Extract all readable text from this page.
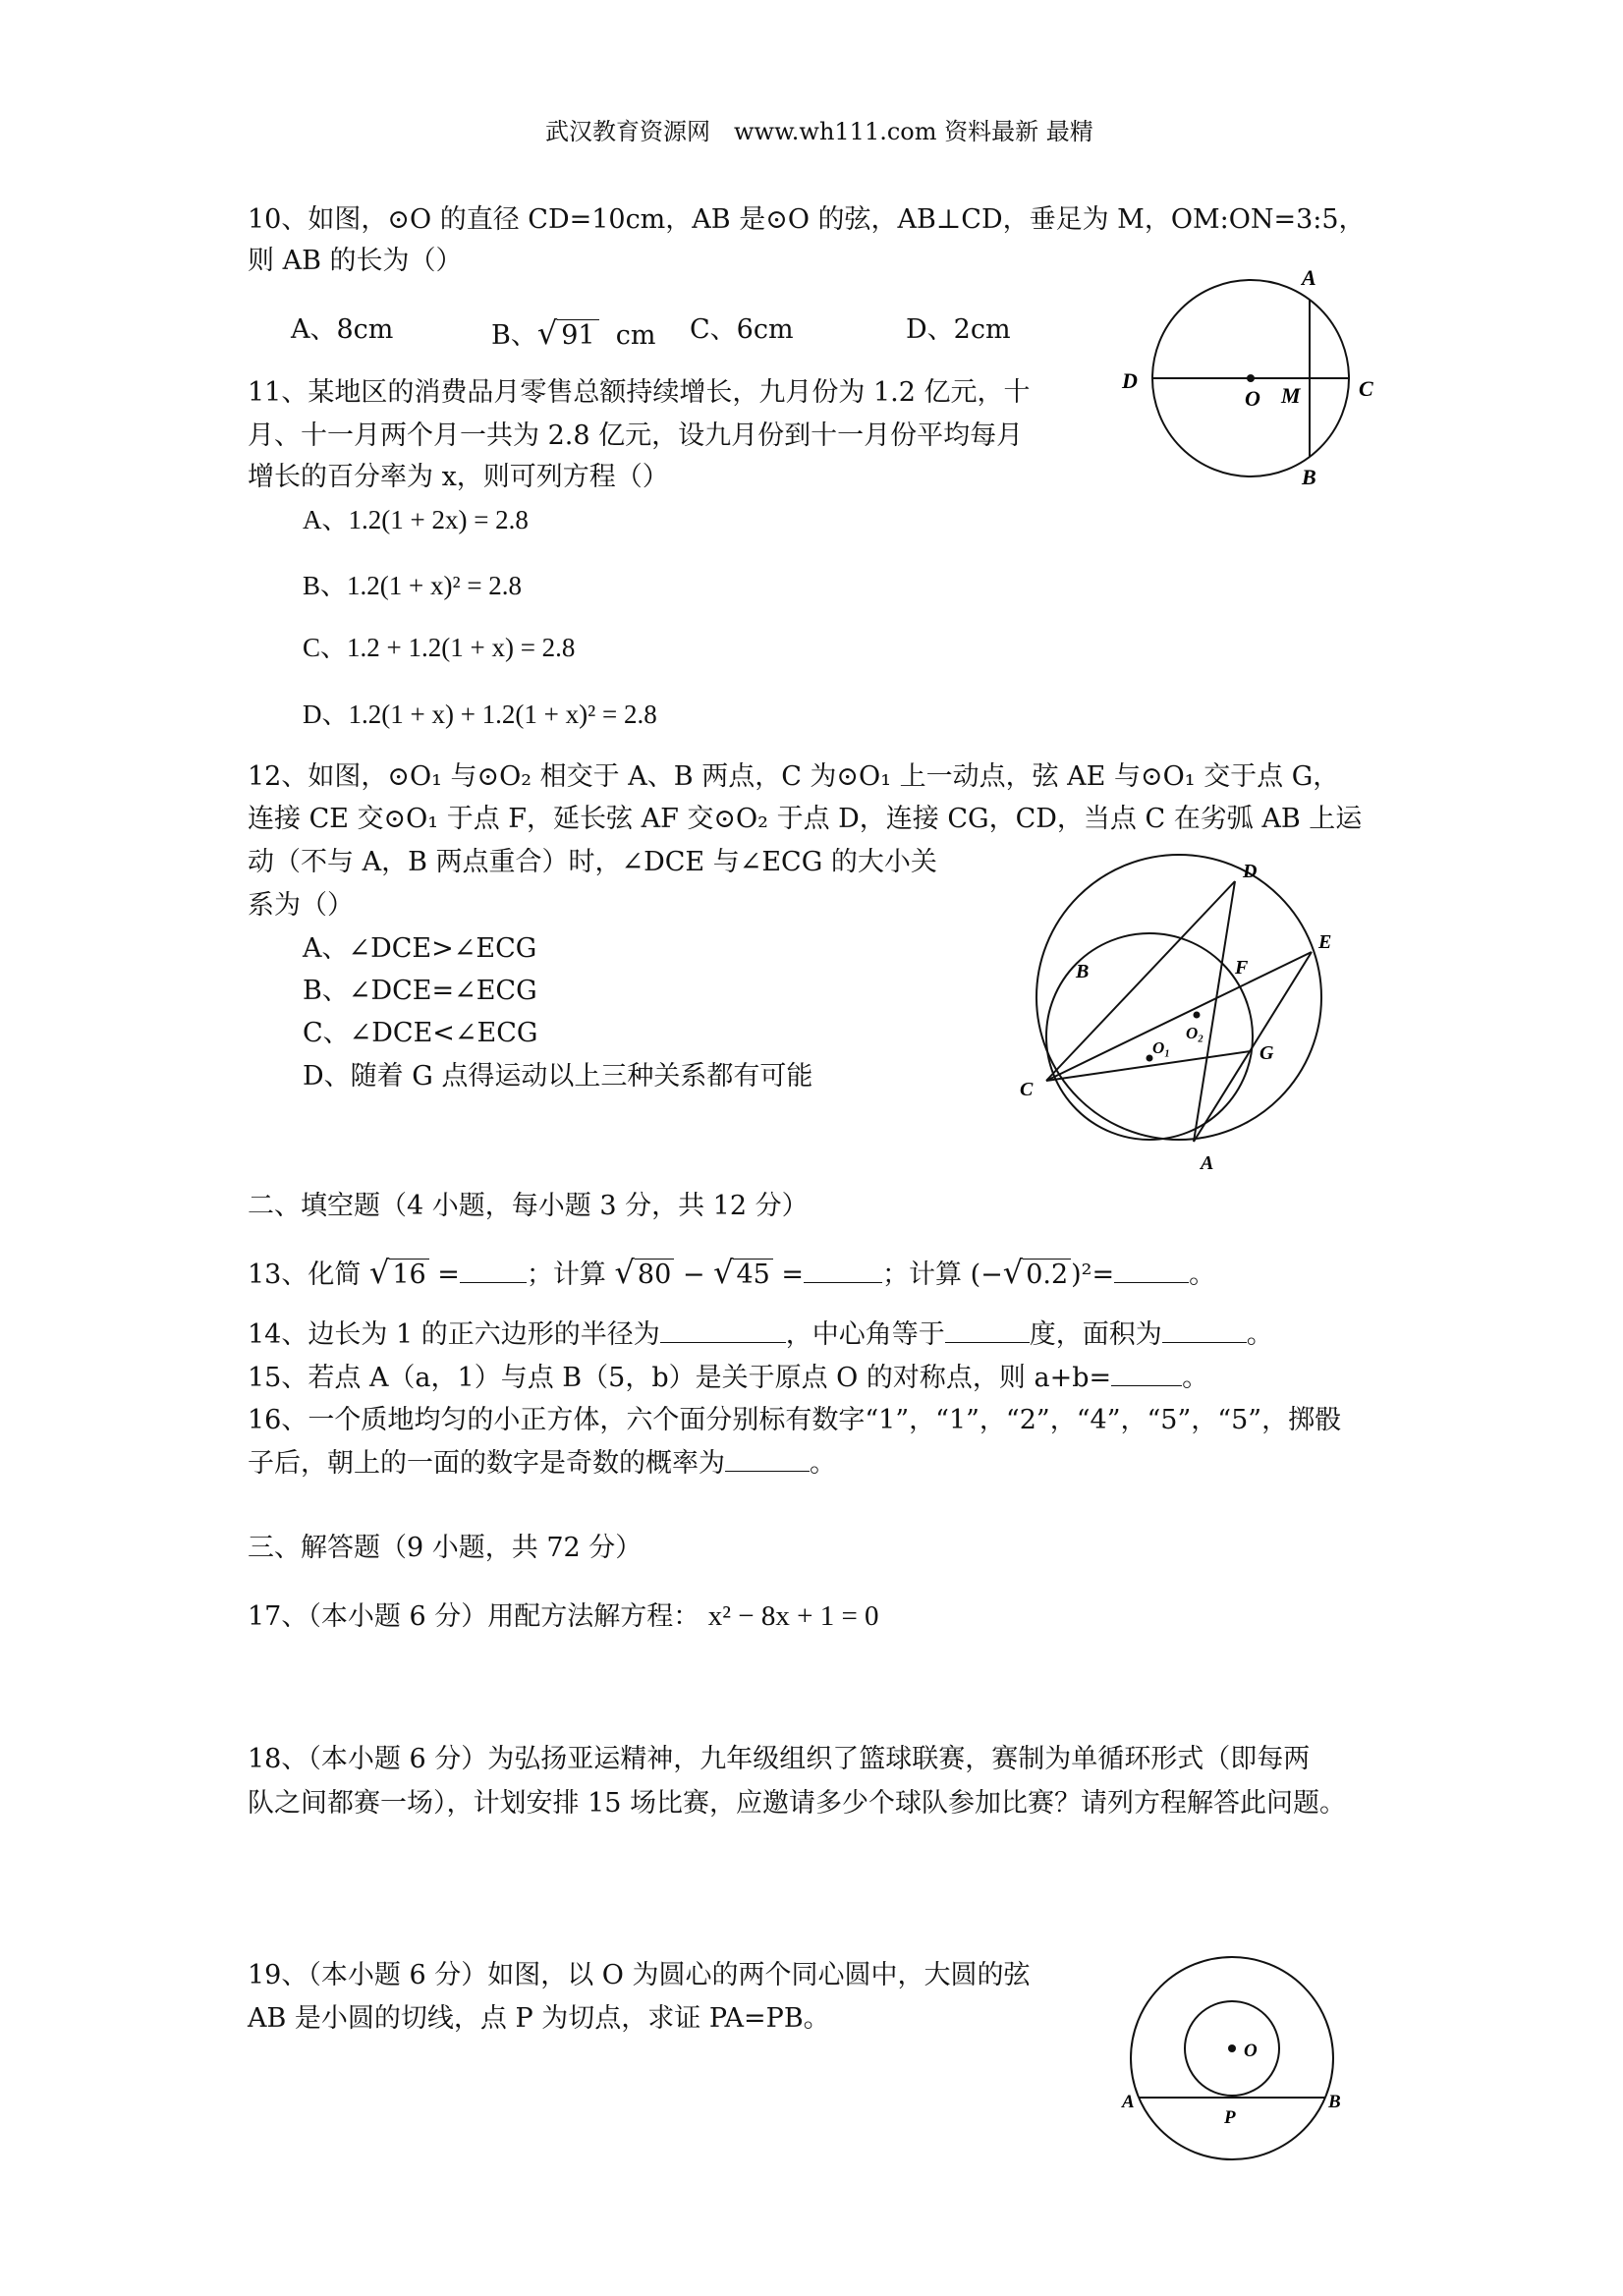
武汉教育资源网　www.wh111.com 资料最新 最精
10、如图，⊙O 的直径 CD=10cm，AB 是⊙O 的弦，AB⊥CD，垂足为 M，OM:ON=3:5，
则 AB 的长为（）
A、8cm	B、√ 91 cm C、6cm	D、2cm
A
B
C
D
O M
11、某地区的消费品月零售总额持续增长，九月份为 1.2 亿元，十
月、十一月两个月一共为 2.8 亿元，设九月份到十一月份平均每月
增长的百分率为 x，则可列方程（）
A、1.2(1 + 2x) = 2.8
B、1.2(1 + x)² = 2.8
C、1.2 + 1.2(1 + x) = 2.8
D、1.2(1 + x) + 1.2(1 + x)² = 2.8
12、如图，⊙O₁ 与⊙O₂ 相交于 A、B 两点，C 为⊙O₁ 上一动点，弦 AE 与⊙O₁ 交于点 G，
连接 CE 交⊙O₁ 于点 F，延长弦 AF 交⊙O₂ 于点 D，连接 CG，CD，当点 C 在劣弧 AB 上运
动（不与 A，B 两点重合）时，∠DCE 与∠ECG 的大小关
系为（）
A、∠DCE>∠ECG
B、∠DCE=∠ECG
C、∠DCE<∠ECG
D、随着 G 点得运动以上三种关系都有可能
D
E
F
B
C
G
A
O₁
O₂
二、填空题（4 小题，每小题 3 分，共 12 分）
13、化简 √ 16 =	；计算 √ 80 − √ 45 =	；计算 (−√ 0.2 )²=	。
14、边长为 1 的正六边形的半径为	，中心角等于	度，面积为	。
15、若点 A（a，1）与点 B（5，b）是关于原点 O 的对称点，则 a+b=	。
16、一个质地均匀的小正方体，六个面分别标有数字“1”，“1”，“2”，“4”，“5”，“5”，掷骰
子后，朝上的一面的数字是奇数的概率为	。
三、解答题（9 小题，共 72 分）
17、（本小题 6 分）用配方法解方程： x² − 8x + 1 = 0
18、（本小题 6 分）为弘扬亚运精神，九年级组织了篮球联赛，赛制为单循环形式（即每两
队之间都赛一场），计划安排 15 场比赛，应邀请多少个球队参加比赛？请列方程解答此问题。
19、（本小题 6 分）如图，以 O 为圆心的两个同心圆中，大圆的弦
AB 是小圆的切线，点 P 为切点，求证 PA=PB。
O
A	B
P
